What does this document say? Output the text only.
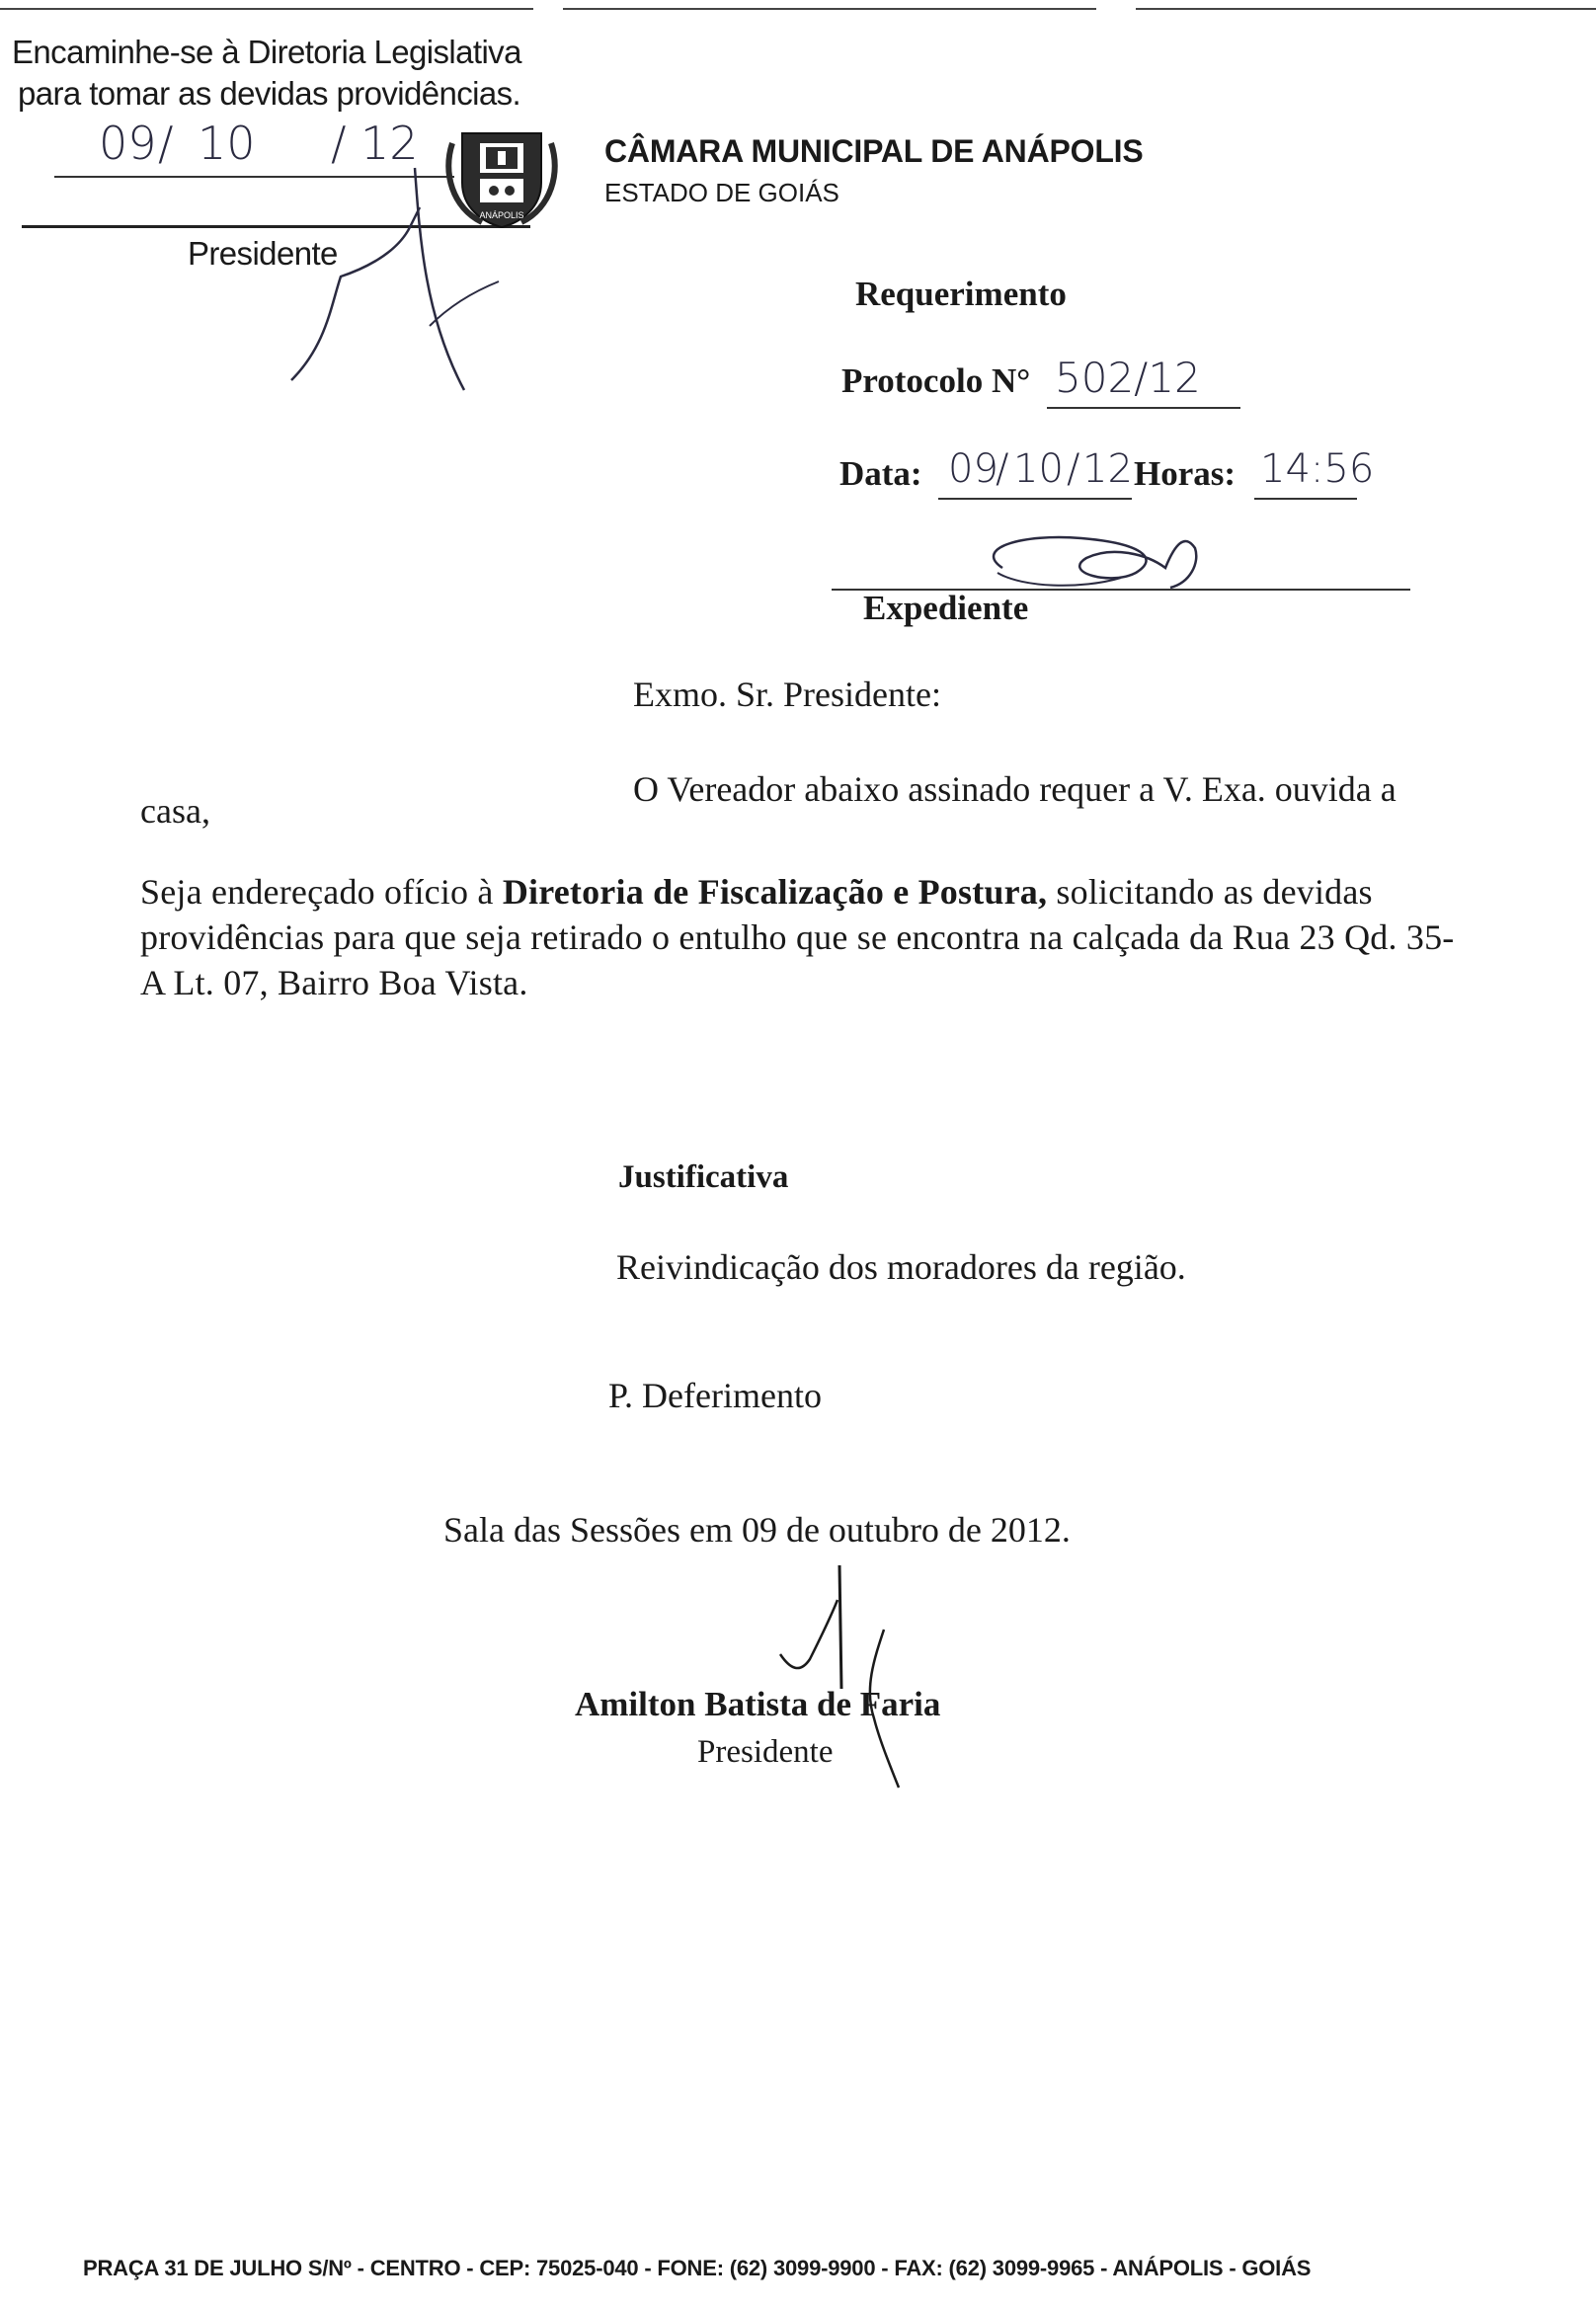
Encaminhe-se à Diretoria Legislativa
para tomar as devidas providências.
09 / 10 / 12
Presidente
ANÁPOLIS
CÂMARA MUNICIPAL DE ANÁPOLIS
ESTADO DE GOIÁS
Requerimento
Protocolo N° 502/12
Data: 09
/ 10 / 12 Horas: 14:56
Expediente
Exmo. Sr. Presidente:
O Vereador abaixo assinado requer a V. Exa. ouvida a
casa,
Seja endereçado ofício à Diretoria de Fiscalização e Postura, solicitando as devidas providências para que seja retirado o entulho que se encontra na calçada da Rua 23 Qd. 35-A Lt. 07, Bairro Boa Vista.
Justificativa
Reivindicação dos moradores da região.
P. Deferimento
Sala das Sessões em 09 de outubro de 2012.
Amilton Batista de Faria
Presidente
PRAÇA 31 DE JULHO S/Nº - CENTRO - CEP: 75025-040 - FONE: (62) 3099-9900 - FAX: (62) 3099-9965 - ANÁPOLIS - GOIÁS
